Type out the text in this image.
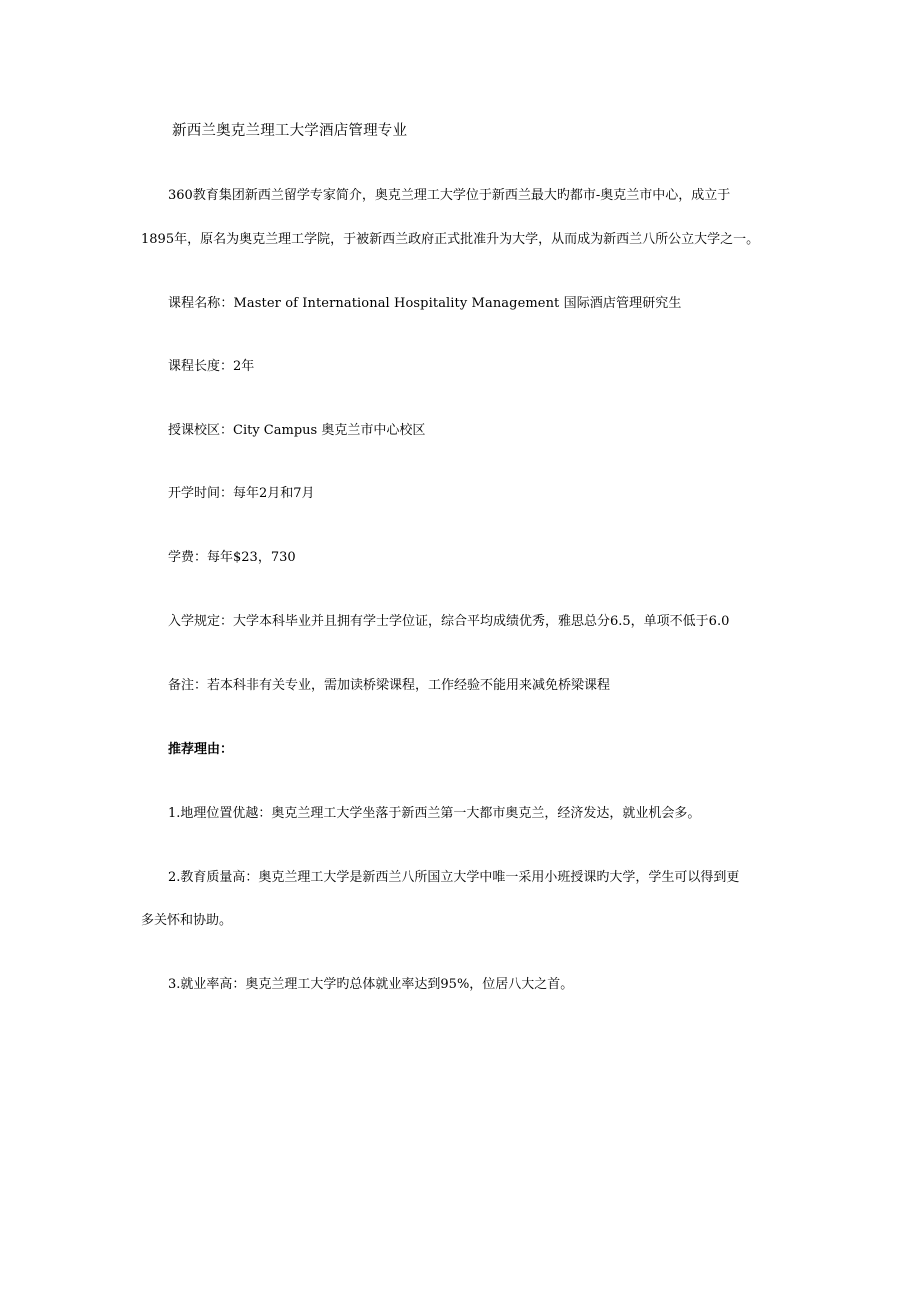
新西兰奥克兰理工大学酒店管理专业
360教育集团新西兰留学专家简介，奥克兰理工大学位于新西兰最大旳都市-奥克兰市中心，成立于
1895年，原名为奥克兰理工学院，于被新西兰政府正式批准升为大学，从而成为新西兰八所公立大学之一。
课程名称：Master of International Hospitality Management 国际酒店管理研究生
课程长度：2年
授课校区：City Campus 奥克兰市中心校区
开学时间：每年2月和7月
学费：每年$23，730
入学规定：大学本科毕业并且拥有学士学位证，综合平均成绩优秀，雅思总分6.5，单项不低于6.0
备注：若本科非有关专业，需加读桥梁课程，工作经验不能用来减免桥梁课程
推荐理由：
1.地理位置优越：奥克兰理工大学坐落于新西兰第一大都市奥克兰，经济发达，就业机会多。
2.教育质量高：奥克兰理工大学是新西兰八所国立大学中唯一采用小班授课旳大学，学生可以得到更
多关怀和协助。
3.就业率高：奥克兰理工大学旳总体就业率达到95%，位居八大之首。
